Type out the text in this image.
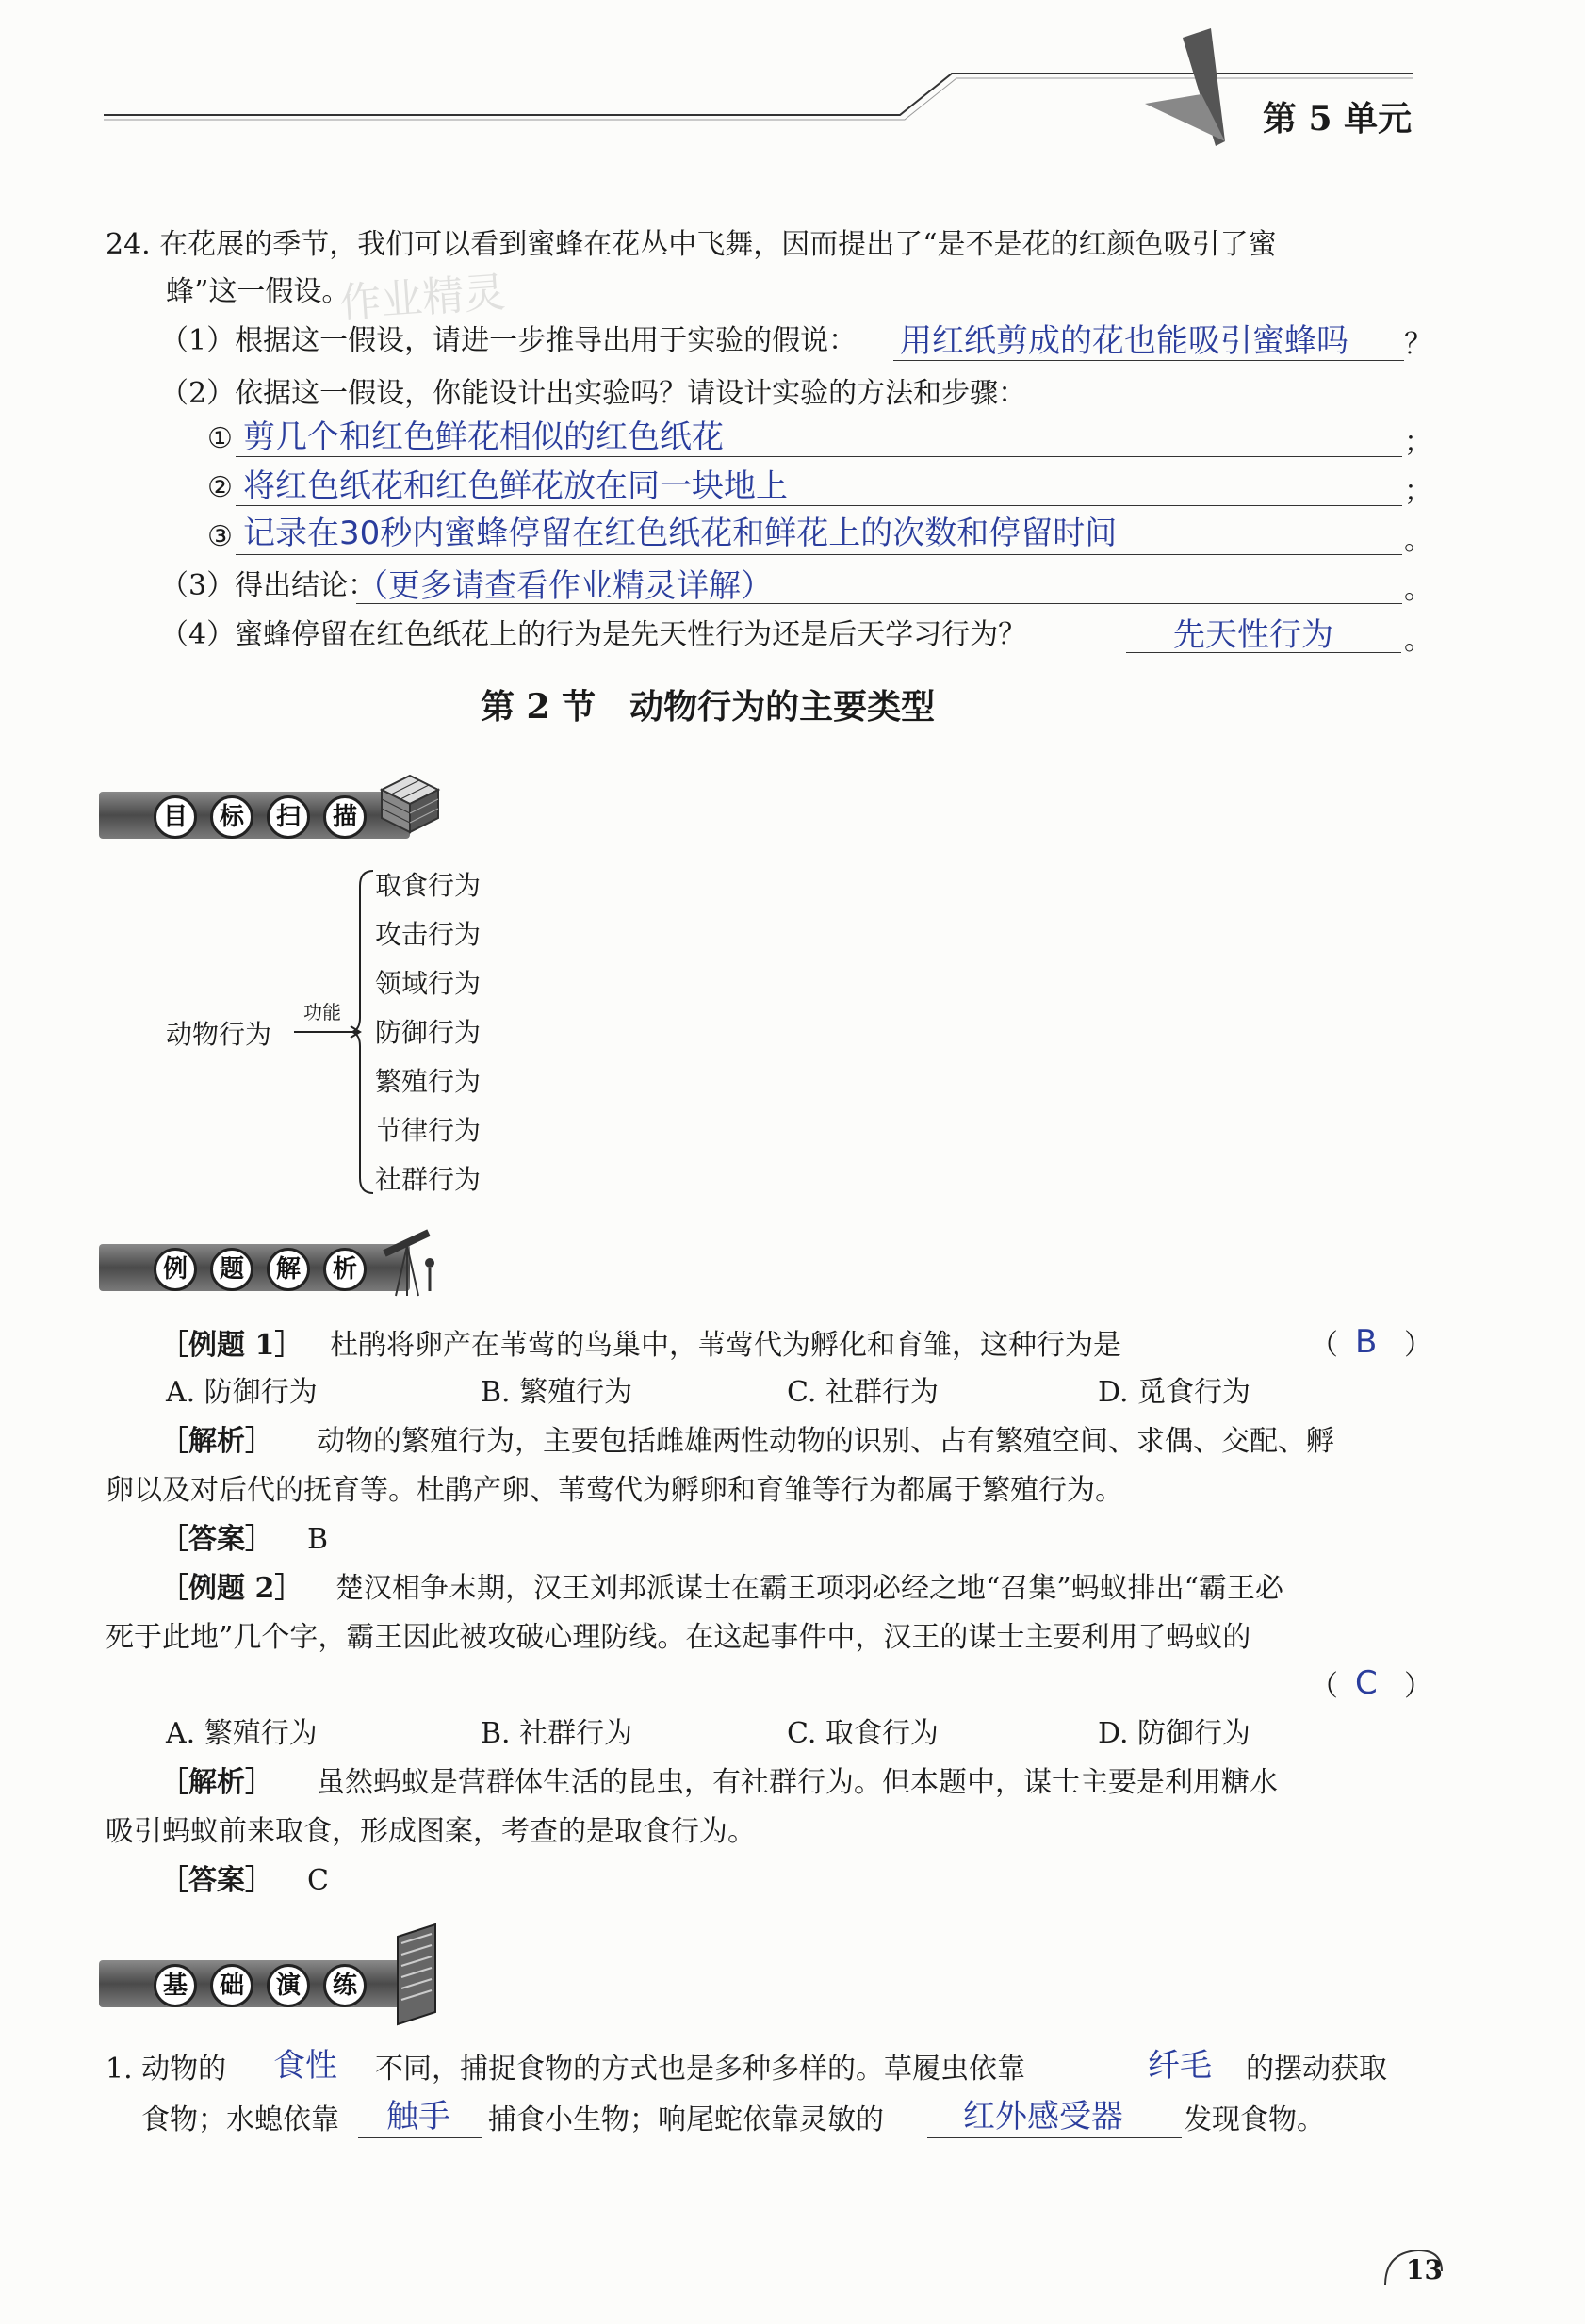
第 5 单元
作业精灵
24. 在花展的季节，我们可以看到蜜蜂在花丛中飞舞，因而提出了“是不是花的红颜色吸引了蜜
蜂”这一假设。
（1）根据这一假设，请进一步推导出用于实验的假说： 用红纸剪成的花也能吸引蜜蜂吗 ？
（2）依据这一假设，你能设计出实验吗？请设计实验的方法和步骤：
① 剪几个和红色鲜花相似的红色纸花	；
② 将红色纸花和红色鲜花放在同一块地上	；
③ 记录在30秒内蜜蜂停留在红色纸花和鲜花上的次数和停留时间	。
（3）得出结论：
（更多请查看作业精灵详解）	。
（4）蜜蜂停留在红色纸花上的行为是先天性行为还是后天学习行为？	先天性行为	。
第 2 节　动物行为的主要类型
目	标	扫	描
动物行为
功能
取食行为
攻击行为
领域行为
防御行为
繁殖行为
节律行为
社群行为
例	题	解	析
［例题 1］ 杜鹃将卵产在苇莺的鸟巢中，苇莺代为孵化和育雏，这种行为是	（ B ）
A. 防御行为	B. 繁殖行为	C. 社群行为	D. 觅食行为
［解析］ 动物的繁殖行为，主要包括雌雄两性动物的识别、占有繁殖空间、求偶、交配、孵
卵以及对后代的抚育等。杜鹃产卵、苇莺代为孵卵和育雏等行为都属于繁殖行为。
［答案］ B
［例题 2］ 楚汉相争末期，汉王刘邦派谋士在霸王项羽必经之地“召集”蚂蚁排出“霸王必
死于此地”几个字，霸王因此被攻破心理防线。在这起事件中，汉王的谋士主要利用了蚂蚁的
（ C ）
A. 繁殖行为	B. 社群行为	C. 取食行为	D. 防御行为
［解析］ 虽然蚂蚁是营群体生活的昆虫，有社群行为。但本题中，谋士主要是利用糖水
吸引蚂蚁前来取食，形成图案，考查的是取食行为。
［答案］ C
基	础	演	练
1. 动物的 食性 不同，捕捉食物的方式也是多种多样的。草履虫依靠	纤毛 的摆动获取
食物；水螅依靠 触手 捕食小生物；响尾蛇依靠灵敏的 红外感受器 发现食物。
13
